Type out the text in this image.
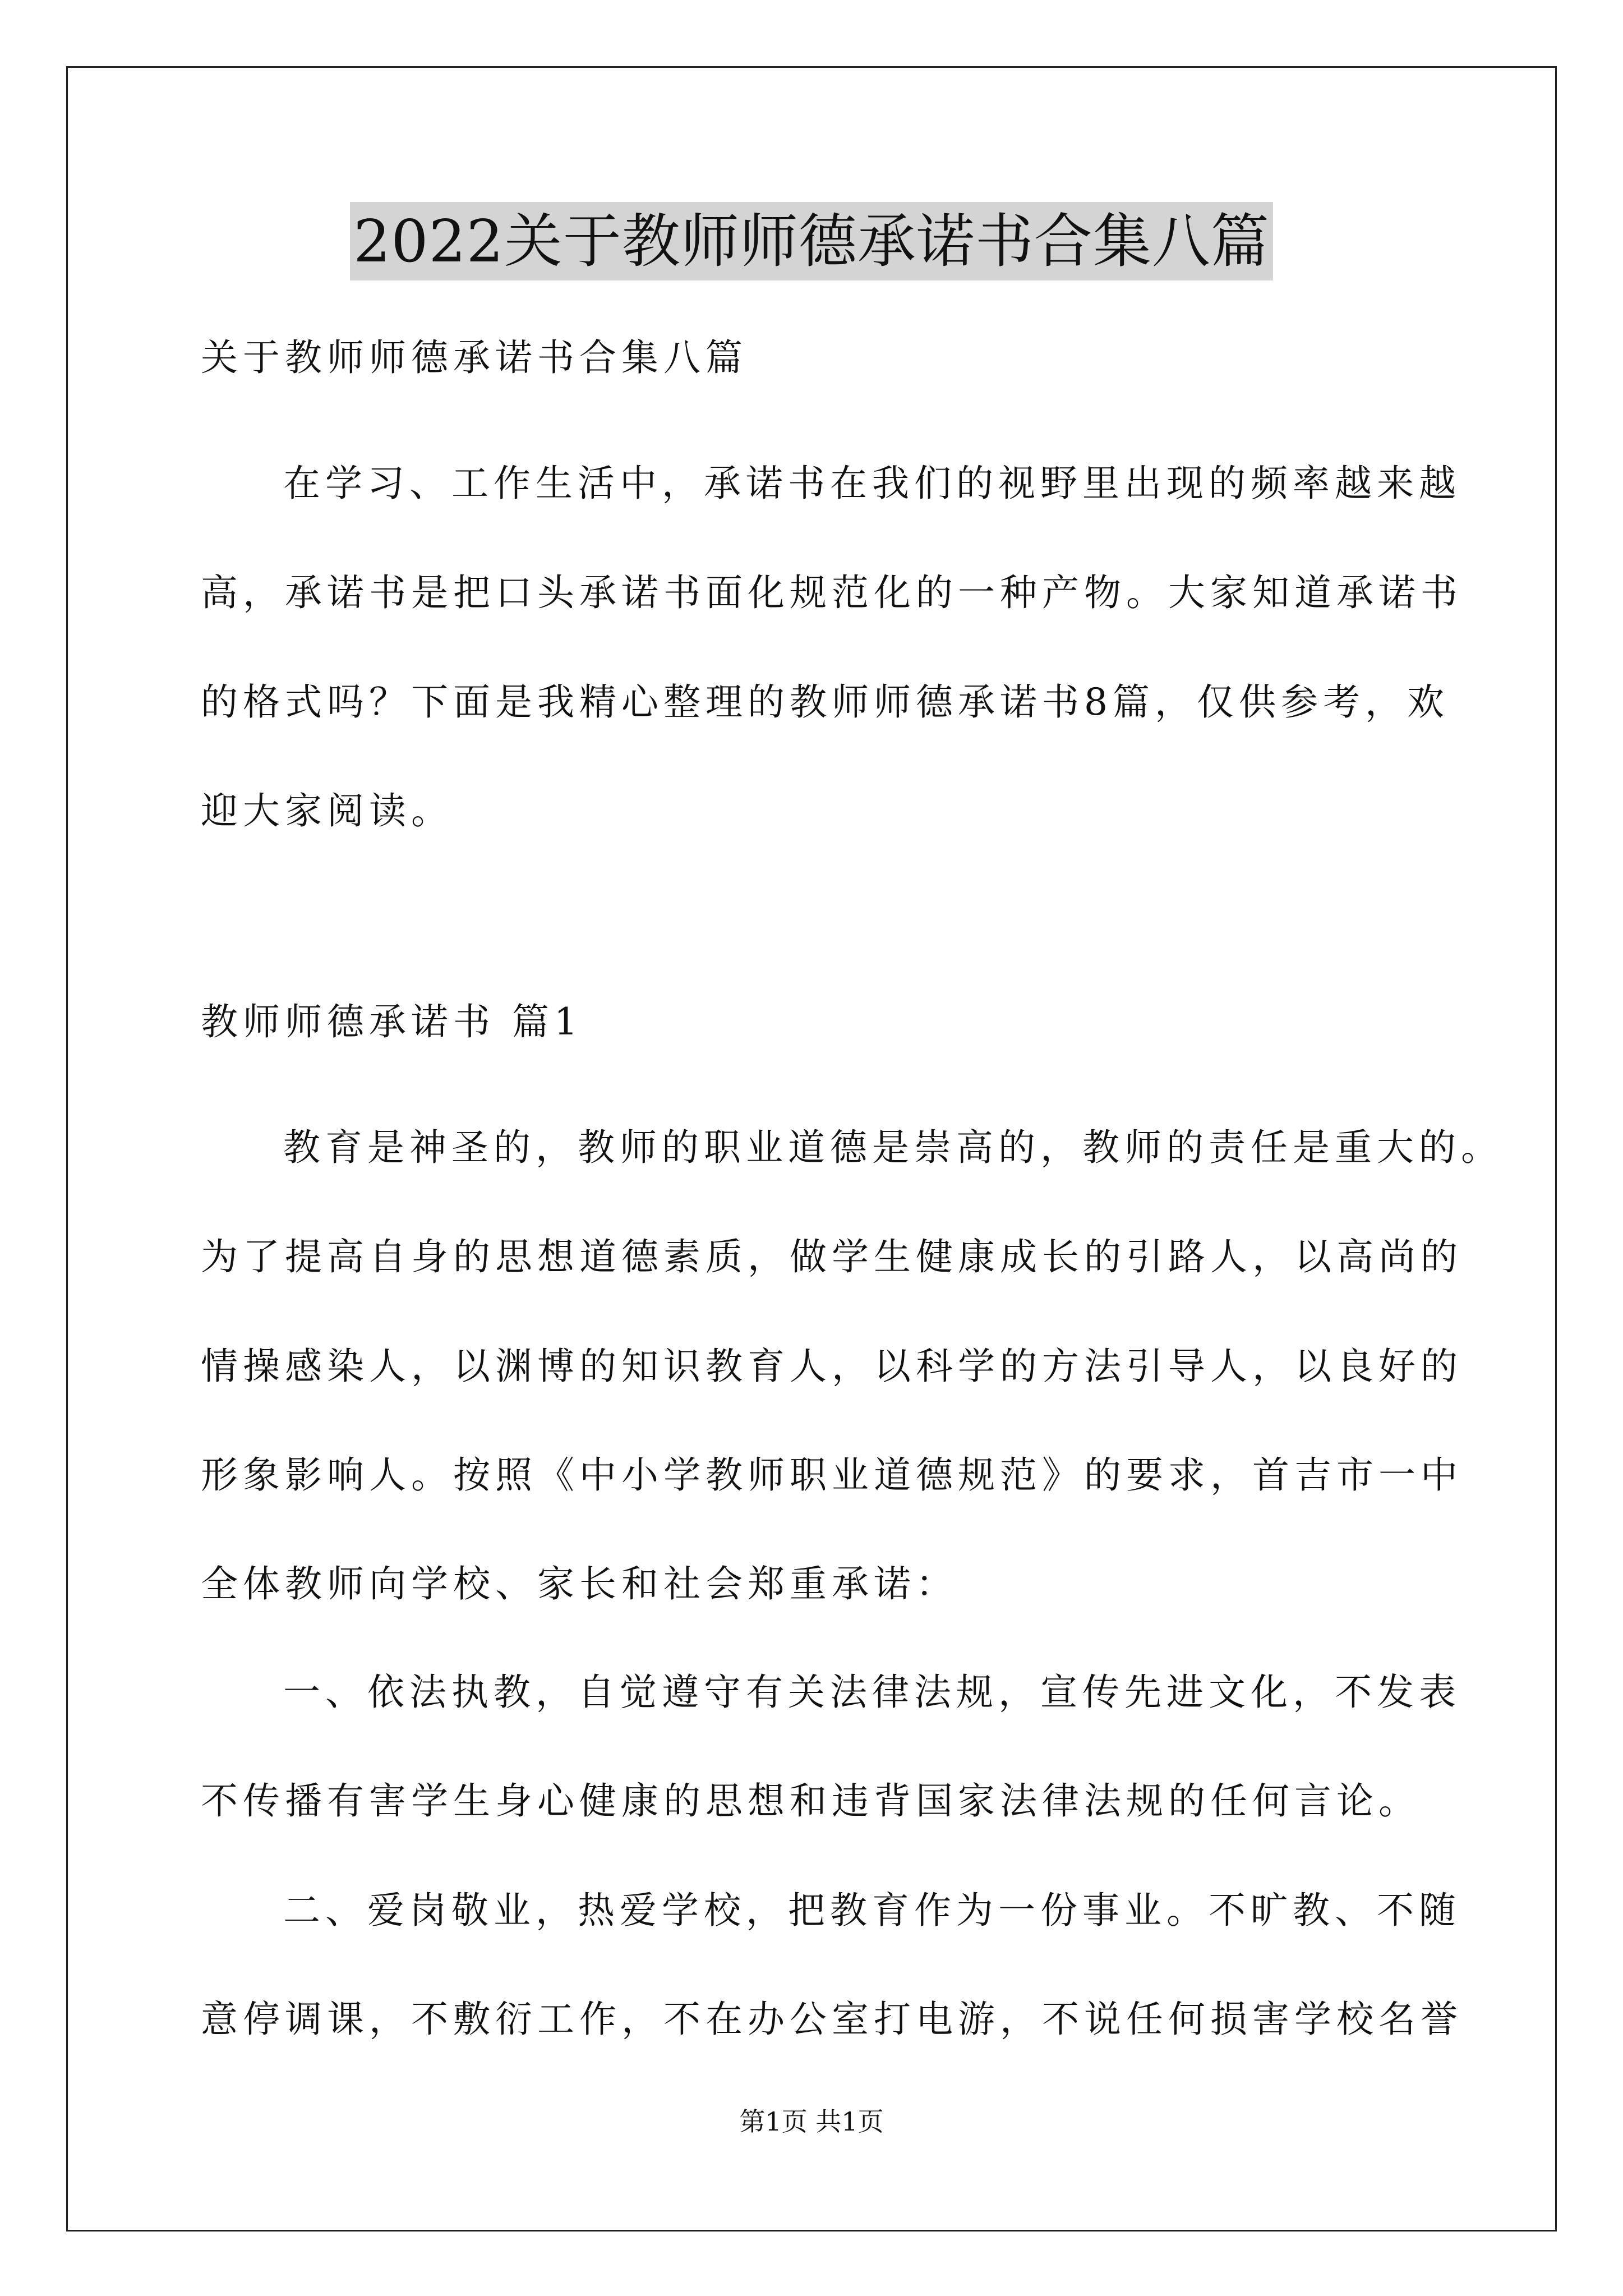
2022关于教师师德承诺书合集八篇
关于教师师德承诺书合集八篇
在学习、工作生活中，承诺书在我们的视野里出现的频率越来越
高，承诺书是把口头承诺书面化规范化的一种产物。大家知道承诺书
的格式吗？下面是我精心整理的教师师德承诺书8篇，仅供参考，欢
迎大家阅读。
教师师德承诺书 篇1
教育是神圣的，教师的职业道德是崇高的，教师的责任是重大的。
为了提高自身的思想道德素质，做学生健康成长的引路人，以高尚的
情操感染人，以渊博的知识教育人，以科学的方法引导人，以良好的
形象影响人。按照《中小学教师职业道德规范》的要求，首吉市一中
全体教师向学校、家长和社会郑重承诺：
一、依法执教，自觉遵守有关法律法规，宣传先进文化，不发表
不传播有害学生身心健康的思想和违背国家法律法规的任何言论。
二、爱岗敬业，热爱学校，把教育作为一份事业。不旷教、不随
意停调课，不敷衍工作，不在办公室打电游，不说任何损害学校名誉
第1页 共1页
